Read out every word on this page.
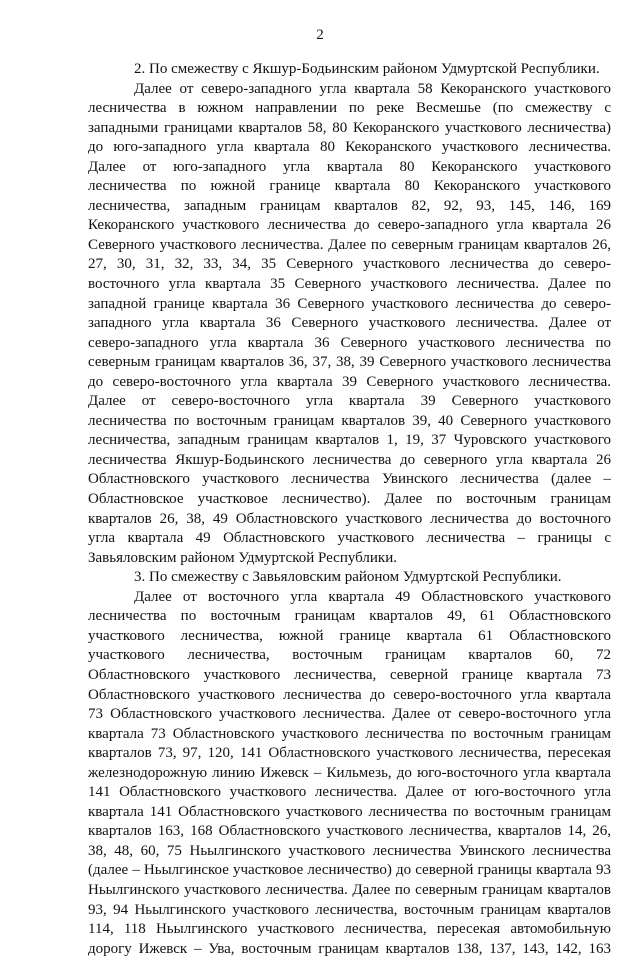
2
2. По смежеству с Якшур-Бодьинским районом Удмуртской Республики.
Далее от северо-западного угла квартала 58 Кекоранского участкового
лесничества в южном направлении по реке Весмешье (по смежеству с
западными границами кварталов 58, 80 Кекоранского участкового лесничества)
до юго-западного угла квартала 80 Кекоранского участкового лесничества.
Далее от юго-западного угла квартала 80 Кекоранского участкового
лесничества по южной границе квартала 80 Кекоранского участкового
лесничества, западным границам кварталов 82, 92, 93, 145, 146, 169
Кекоранского участкового лесничества до северо-западного угла квартала 26
Северного участкового лесничества. Далее по северным границам кварталов 26,
27, 30, 31, 32, 33, 34, 35 Северного участкового лесничества до северо-
восточного угла квартала 35 Северного участкового лесничества. Далее по
западной границе квартала 36 Северного участкового лесничества до северо-
западного угла квартала 36 Северного участкового лесничества. Далее от
северо-западного угла квартала 36 Северного участкового лесничества по
северным границам кварталов 36, 37, 38, 39 Северного участкового лесничества
до северо-восточного угла квартала 39 Северного участкового лесничества.
Далее от северо-восточного угла квартала 39 Северного участкового
лесничества по восточным границам кварталов 39, 40 Северного участкового
лесничества, западным границам кварталов 1, 19, 37 Чуровского участкового
лесничества Якшур-Бодьинского лесничества до северного угла квартала 26
Областновского участкового лесничества Увинского лесничества (далее –
Областновское участковое лесничество). Далее по восточным границам
кварталов 26, 38, 49 Областновского участкового лесничества до восточного
угла квартала 49 Областновского участкового лесничества – границы с
Завьяловским районом Удмуртской Республики.
3. По смежеству с Завьяловским районом Удмуртской Республики.
Далее от восточного угла квартала 49 Областновского участкового
лесничества по восточным границам кварталов 49, 61 Областновского
участкового лесничества, южной границе квартала 61 Областновского
участкового лесничества, восточным границам кварталов 60, 72
Областновского участкового лесничества, северной границе квартала 73
Областновского участкового лесничества до северо-восточного угла квартала
73 Областновского участкового лесничества. Далее от северо-восточного угла
квартала 73 Областновского участкового лесничества по восточным границам
кварталов 73, 97, 120, 141 Областновского участкового лесничества, пересекая
железнодорожную линию Ижевск – Кильмезь, до юго-восточного угла квартала
141 Областновского участкового лесничества. Далее от юго-восточного угла
квартала 141 Областновского участкового лесничества по восточным границам
кварталов 163, 168 Областновского участкового лесничества, кварталов 14, 26,
38, 48, 60, 75 Ньылгинского участкового лесничества Увинского лесничества
(далее – Ньылгинское участковое лесничество) до северной границы квартала 93
Ньылгинского участкового лесничества. Далее по северным границам кварталов
93, 94 Ньылгинского участкового лесничества, восточным границам кварталов
114, 118 Ньылгинского участкового лесничества, пересекая автомобильную
дорогу Ижевск – Ува, восточным границам кварталов 138, 137, 143, 142, 163
